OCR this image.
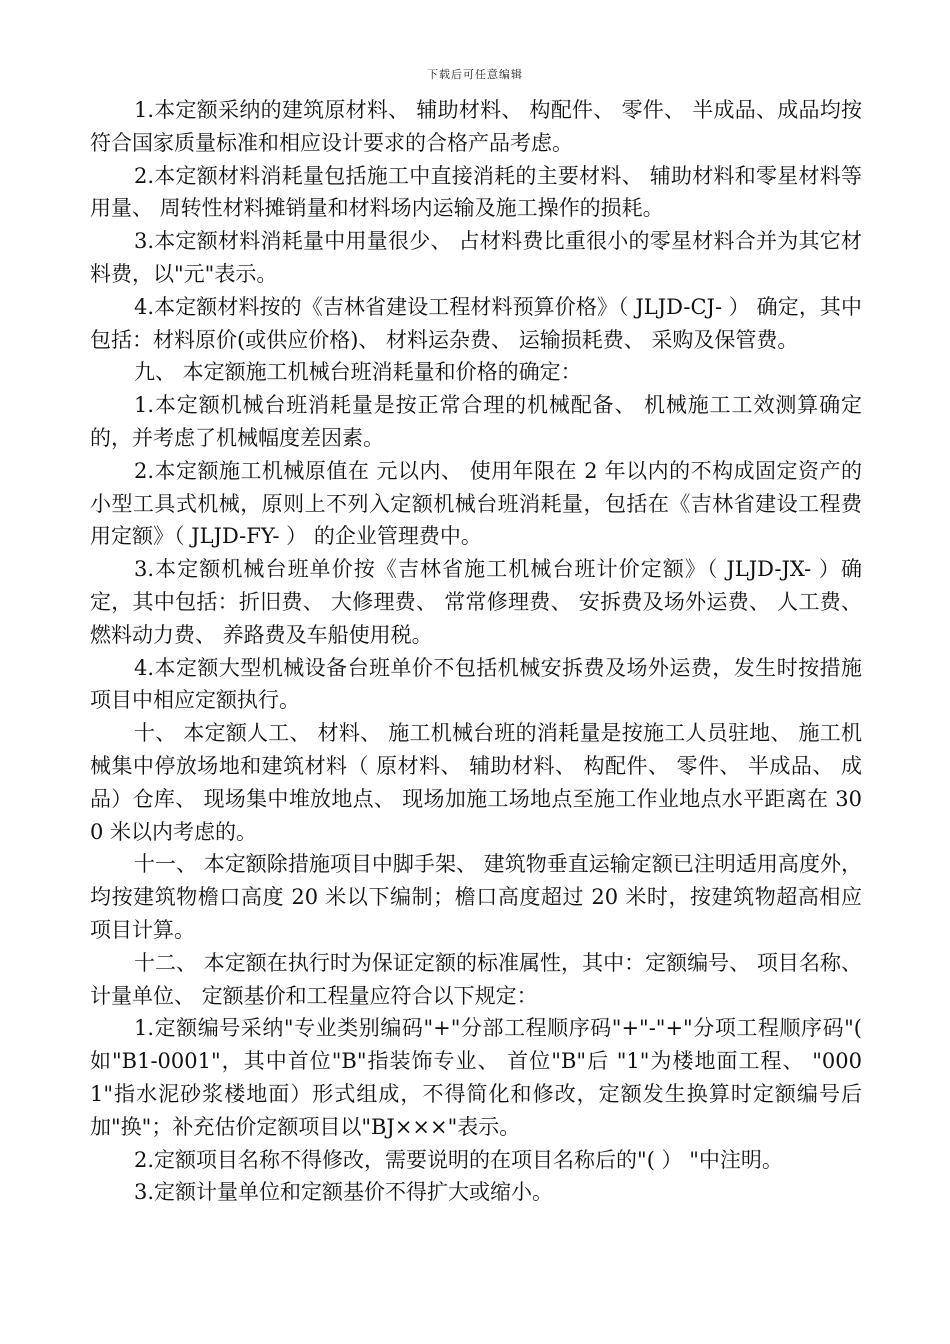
下载后可任意编辑

1.本定额采纳的建筑原材料、 辅助材料、 构配件、 零件、 半成品、成品均按符合国家质量标准和相应设计要求的合格产品考虑。

2.本定额材料消耗量包括施工中直接消耗的主要材料、 辅助材料和零星材料等用量、 周转性材料摊销量和材料场内运输及施工操作的损耗。

3.本定额材料消耗量中用量很少、 占材料费比重很小的零星材料合并为其它材料费，以"元"表示。

4.本定额材料按的《吉林省建设工程材料预算价格》（ JLJD-CJ- ） 确定，其中包括：材料原价(或供应价格)、 材料运杂费、 运输损耗费、 采购及保管费。

九、 本定额施工机械台班消耗量和价格的确定：

1.本定额机械台班消耗量是按正常合理的机械配备、 机械施工工效测算确定的，并考虑了机械幅度差因素。

2.本定额施工机械原值在 元以内、 使用年限在 2 年以内的不构成固定资产的小型工具式机械，原则上不列入定额机械台班消耗量，包括在《吉林省建设工程费用定额》（ JLJD-FY- ） 的企业管理费中。

3.本定额机械台班单价按《吉林省施工机械台班计价定额》（ JLJD-JX- ）确定，其中包括：折旧费、 大修理费、 常常修理费、 安拆费及场外运费、 人工费、 燃料动力费、 养路费及车船使用税。

4.本定额大型机械设备台班单价不包括机械安拆费及场外运费，发生时按措施项目中相应定额执行。

十、 本定额人工、 材料、 施工机械台班的消耗量是按施工人员驻地、 施工机械集中停放场地和建筑材料（ 原材料、 辅助材料、 构配件、 零件、 半成品、 成品）仓库、 现场集中堆放地点、 现场加施工场地点至施工作业地点水平距离在 300 米以内考虑的。

十一、 本定额除措施项目中脚手架、 建筑物垂直运输定额已注明适用高度外，均按建筑物檐口高度 20 米以下编制；檐口高度超过 20 米时，按建筑物超高相应项目计算。

十二、 本定额在执行时为保证定额的标准属性，其中：定额编号、 项目名称、 计量单位、 定额基价和工程量应符合以下规定：

1.定额编号采纳"专业类别编码"+"分部工程顺序码"+"-"+"分项工程顺序码"( 如"B1-0001"，其中首位"B"指装饰专业、 首位"B"后 "1"为楼地面工程、 "0001"指水泥砂浆楼地面）形式组成，不得简化和修改，定额发生换算时定额编号后加"换"；补充估价定额项目以"BJ×××"表示。

2.定额项目名称不得修改，需要说明的在项目名称后的"( ） "中注明。

3.定额计量单位和定额基价不得扩大或缩小。
